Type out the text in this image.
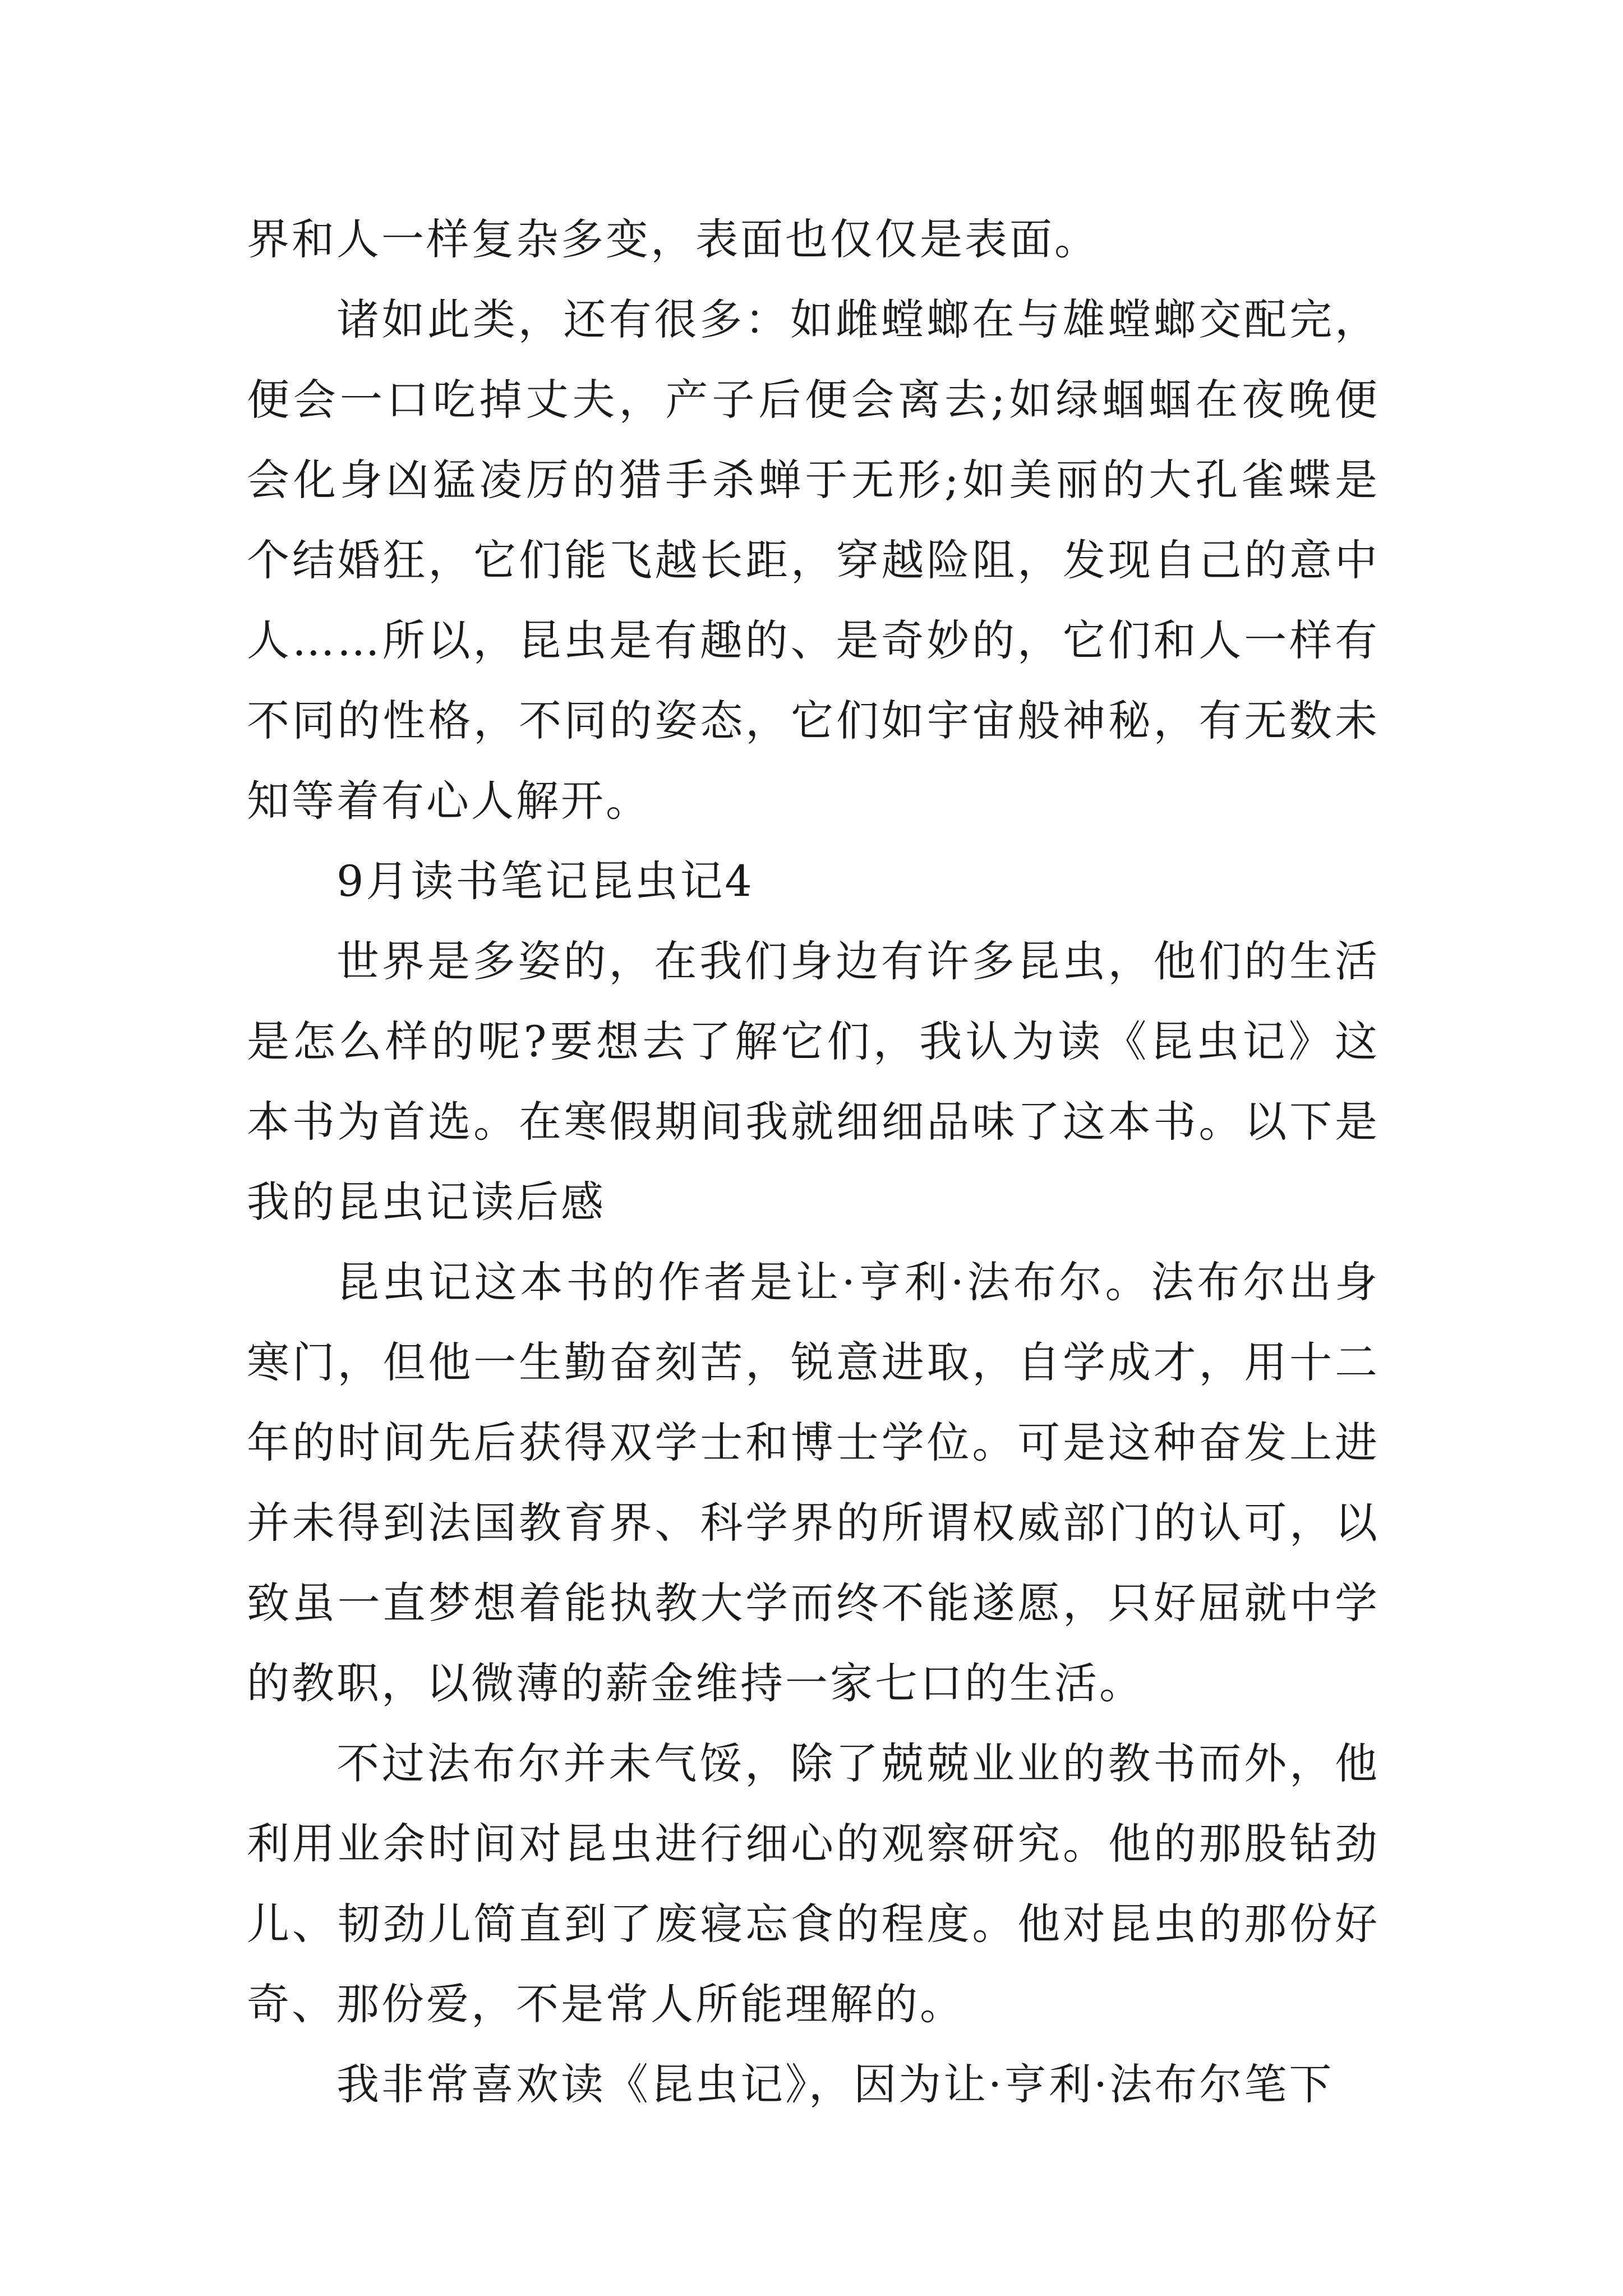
界和人一样复杂多变，表面也仅仅是表面。

诸如此类，还有很多：如雌螳螂在与雄螳螂交配完，便会一口吃掉丈夫，产子后便会离去;如绿蝈蝈在夜晚便会化身凶猛凌厉的猎手杀蝉于无形;如美丽的大孔雀蝶是个结婚狂，它们能飞越长距，穿越险阻，发现自己的意中人……所以，昆虫是有趣的、是奇妙的，它们和人一样有不同的性格，不同的姿态，它们如宇宙般神秘，有无数未知等着有心人解开。

9月读书笔记昆虫记4

世界是多姿的，在我们身边有许多昆虫，他们的生活是怎么样的呢?要想去了解它们，我认为读《昆虫记》这本书为首选。在寒假期间我就细细品味了这本书。以下是我的昆虫记读后感

昆虫记这本书的作者是让·亨利·法布尔。法布尔出身寒门，但他一生勤奋刻苦，锐意进取，自学成才，用十二年的时间先后获得双学士和博士学位。可是这种奋发上进并未得到法国教育界、科学界的所谓权威部门的认可，以致虽一直梦想着能执教大学而终不能遂愿，只好屈就中学的教职，以微薄的薪金维持一家七口的生活。

不过法布尔并未气馁，除了兢兢业业的教书而外，他利用业余时间对昆虫进行细心的观察研究。他的那股钻劲儿、韧劲儿简直到了废寝忘食的程度。他对昆虫的那份好奇、那份爱，不是常人所能理解的。

我非常喜欢读《昆虫记》，因为让·亨利·法布尔笔下
